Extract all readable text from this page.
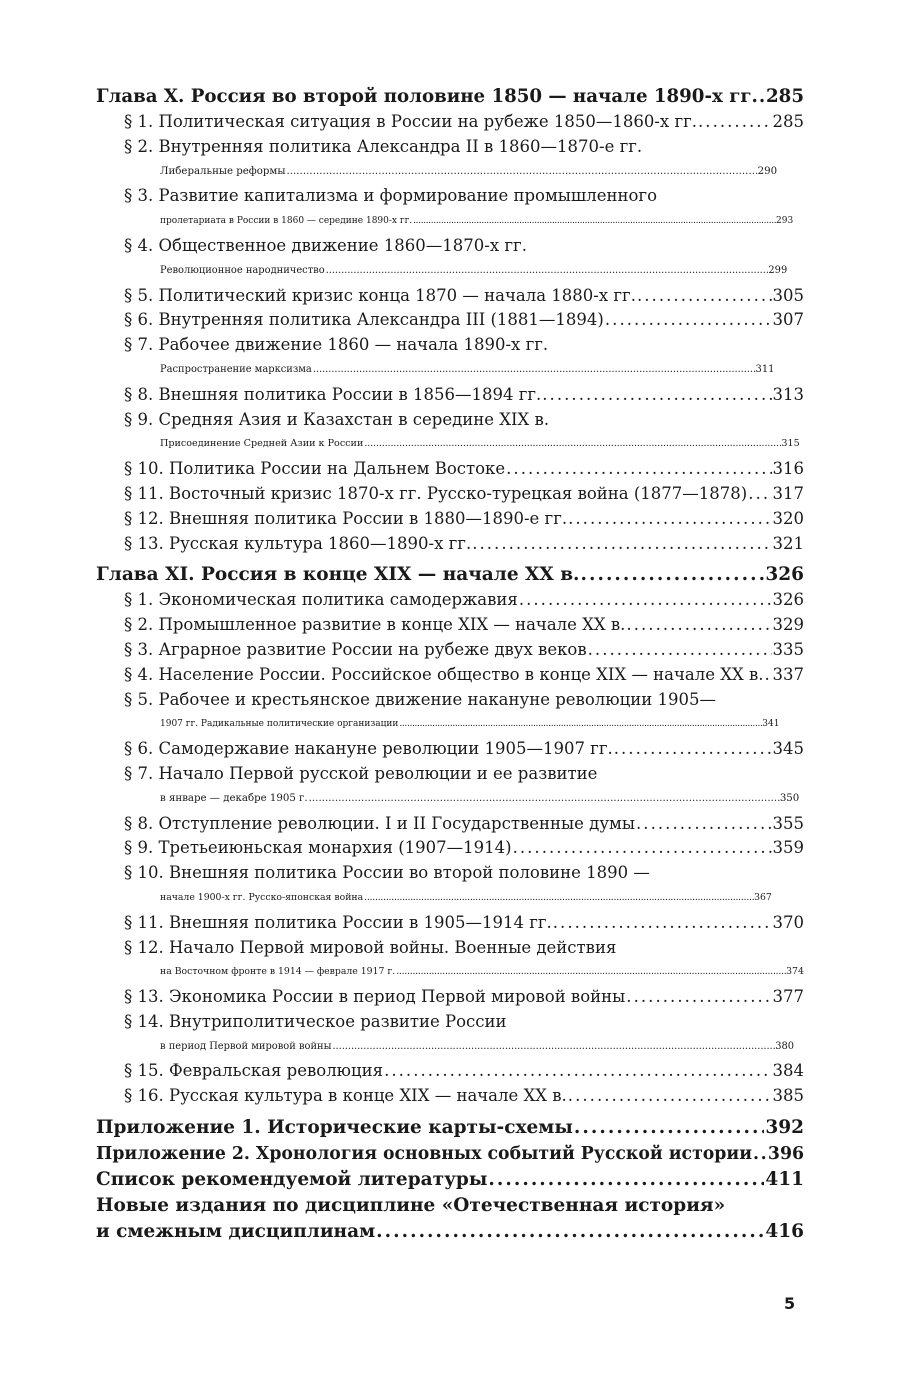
Глава X. Россия во второй половине 1850 — начале 1890-х гг. . . . 285
§ 1. Политическая ситуация в России на рубеже 1850—1860-х гг. . . .	285
§ 2. Внутренняя политика Александра II в 1860—1870-е гг.
Либеральные реформы . . .	290
§ 3. Развитие капитализма и формирование промышленного
пролетариата в России в 1860 — середине 1890-х гг. . . .	293
§ 4. Общественное движение 1860—1870-х гг.
Революционное народничество . . .	299
§ 5. Политический кризис конца 1870 — начала 1880-х гг. . . .	305
§ 6. Внутренняя политика Александра III (1881—1894) . . .	307
§ 7. Рабочее движение 1860 — начала 1890-х гг.
Распространение марксизма . . .	311
§ 8. Внешняя политика России в 1856—1894 гг. . . .	313
§ 9. Средняя Азия и Казахстан в середине XIX в.
Присоединение Средней Азии к России . . .	315
§ 10. Политика России на Дальнем Востоке . . .	316
§ 11. Восточный кризис 1870-х гг. Русско-турецкая война (1877—1878) . . . 317
§ 12. Внешняя политика России в 1880—1890-е гг. . . .	320
§ 13. Русская культура 1860—1890-х гг. . . .	321
Глава XI. Россия в конце XIX — начале XX в. . . .	326
§ 1. Экономическая политика самодержавия . . .	326
§ 2. Промышленное развитие в конце XIX — начале XX в. . . .	329
§ 3. Аграрное развитие России на рубеже двух веков . . .	335
§ 4. Население России. Российское общество в конце XIX — начале XX в. . . . 337
§ 5. Рабочее и крестьянское движение накануне революции 1905—
1907 гг. Радикальные политические организации . . .	341
§ 6. Самодержавие накануне революции 1905—1907 гг. . . .	345
§ 7. Начало Первой русской революции и ее развитие
в январе — декабре 1905 г. . . .	350
§ 8. Отступление революции. I и II Государственные думы . . .	355
§ 9. Третьеиюньская монархия (1907—1914) . . .	359
§ 10. Внешняя политика России во второй половине 1890 —
начале 1900-х гг. Русско-японская война . . .	367
§ 11. Внешняя политика России в 1905—1914 гг. . . .	370
§ 12. Начало Первой мировой войны. Военные действия
на Восточном фронте в 1914 — феврале 1917 г. . . .	374
§ 13. Экономика России в период Первой мировой войны . . .	377
§ 14. Внутриполитическое развитие России
в период Первой мировой войны . . .	380
§ 15. Февральская революция . . .	384
§ 16. Русская культура в конце XIX — начале XX в. . . .	385
Приложение 1. Исторические карты-схемы . . .	392
Приложение 2. Хронология основных событий Русской истории . . . 396
Список рекомендуемой литературы . . .	411
Новые издания по дисциплине «Отечественная история»
и смежным дисциплинам . . .	416
5
